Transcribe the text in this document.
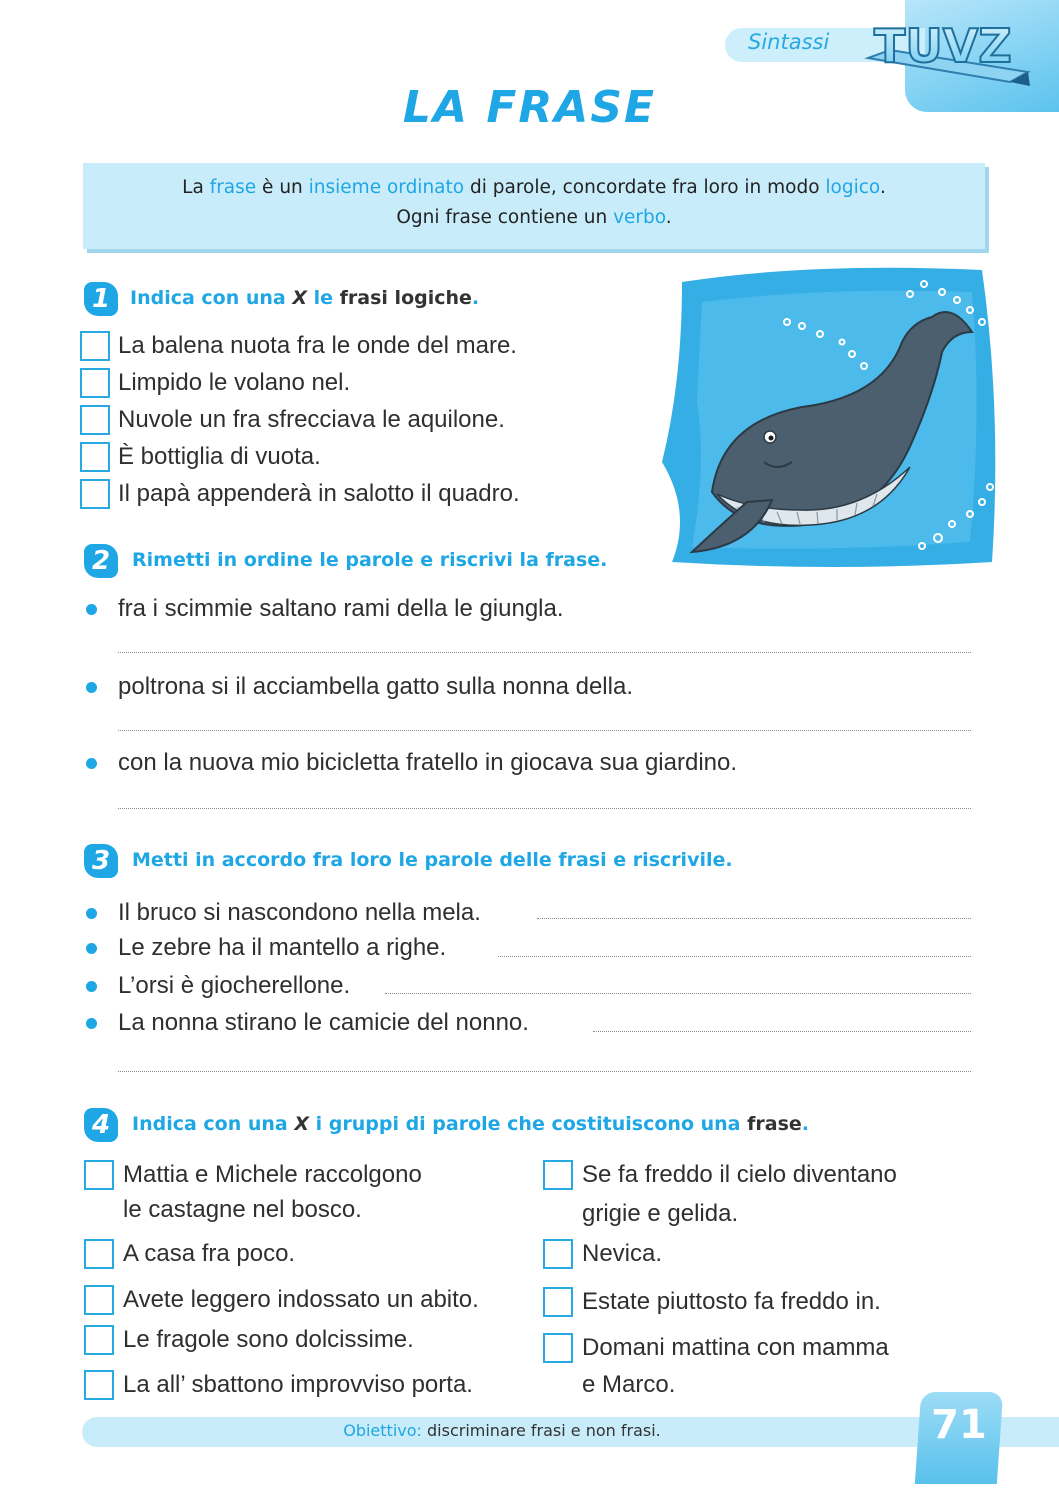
Sintassi TUVZ
LA FRASE
La frase è un insieme ordinato di parole, concordate fra loro in modo logico.
Ogni frase contiene un verbo.
1	Indica con una X le frasi logiche.
La balena nuota fra le onde del mare.
Limpido le volano nel.
Nuvole un fra sfrecciava le aquilone.
È bottiglia di vuota.
Il papà appenderà in salotto il quadro.
2	Rimetti in ordine le parole e riscrivi la frase.
fra i scimmie saltano rami della le giungla.
poltrona si il acciambella gatto sulla nonna della.
con la nuova mio bicicletta fratello in giocava sua giardino.
3	Metti in accordo fra loro le parole delle frasi e riscrivile.
Il bruco si nascondono nella mela.
Le zebre ha il mantello a righe.
L’orsi è giocherellone.
La nonna stirano le camicie del nonno.
4	Indica con una X i gruppi di parole che costituiscono una frase.
Mattia e Michele raccolgono
le castagne nel bosco.
A casa fra poco.
Avete leggero indossato un abito.
Le fragole sono dolcissime.
La all’ sbattono improvviso porta.
Se fa freddo il cielo diventano
grigie e gelida.
Nevica.
Estate piuttosto fa freddo in.
Domani mattina con mamma
e Marco.
Obiettivo: discriminare frasi e non frasi.	71
